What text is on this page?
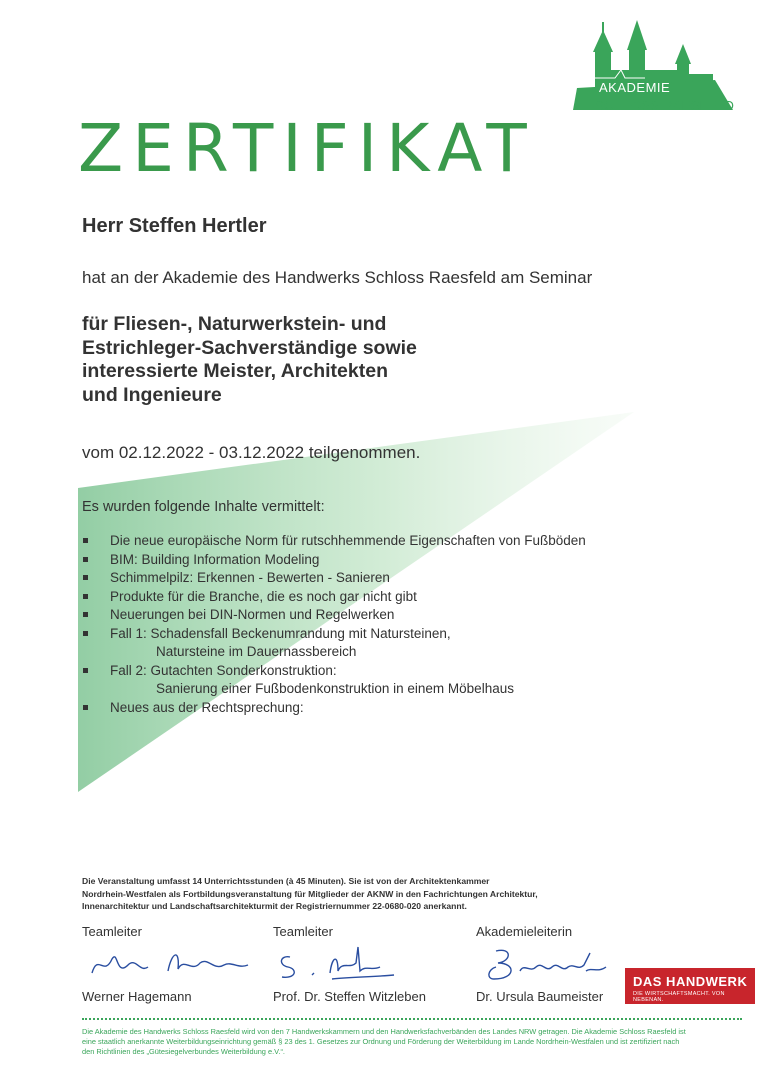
AKADEMIE
SCHLOSS RAESFELD
ZERTIFIKAT
Herr Steffen Hertler
hat an der Akademie des Handwerks Schloss Raesfeld am Seminar
für Fliesen-, Naturwerkstein- und
Estrichleger-Sachverständige sowie
interessierte Meister, Architekten
und Ingenieure
vom 02.12.2022 - 03.12.2022 teilgenommen.
Es wurden folgende Inhalte vermittelt:
Die neue europäische Norm für rutschhemmende Eigenschaften von Fußböden
BIM: Building Information Modeling
Schimmelpilz: Erkennen - Bewerten - Sanieren
Produkte für die Branche, die es noch gar nicht gibt
Neuerungen bei DIN-Normen und Regelwerken
Fall 1: Schadensfall Beckenumrandung mit Natursteinen,
Natursteine im Dauernassbereich
Fall 2: Gutachten Sonderkonstruktion:
Sanierung einer Fußbodenkonstruktion in einem Möbelhaus
Neues aus der Rechtsprechung:
Die Veranstaltung umfasst 14 Unterrichtsstunden (à 45 Minuten). Sie ist von der Architektenkammer
Nordrhein-Westfalen als Fortbildungsveranstaltung für Mitglieder der AKNW in den Fachrichtungen Architektur,
Innenarchitektur und Landschaftsarchitekturmit der Registriernummer 22-0680-020 anerkannt.
Teamleiter	Teamleiter	Akademieleiterin
Werner Hagemann	Prof. Dr. Steffen Witzleben	Dr. Ursula Baumeister
DAS HANDWERK
DIE WIRTSCHAFTSMACHT. VON NEBENAN.
Die Akademie des Handwerks Schloss Raesfeld wird von den 7 Handwerkskammern und den Handwerksfachverbänden des Landes NRW getragen. Die Akademie Schloss Raesfeld ist
eine staatlich anerkannte Weiterbildungseinrichtung gemäß § 23 des 1. Gesetzes zur Ordnung und Förderung der Weiterbildung im Lande Nordrhein-Westfalen und ist zertifiziert nach
den Richtlinien des „Gütesiegelverbundes Weiterbildung e.V.“.
